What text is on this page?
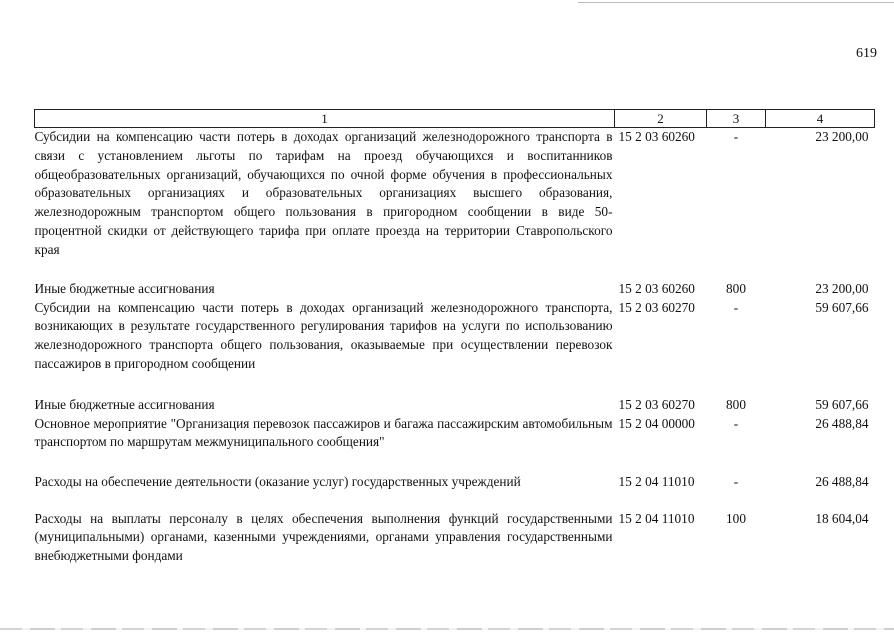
619
1	2	3	4
Субсидии на компенсацию части потерь в доходах организаций железнодорожного транспорта в связи с установлением льготы по тарифам на проезд обучающихся и воспитанников общеобразовательных организаций, обучающихся по очной форме обучения в профессиональных образовательных организациях и образовательных организациях высшего образования, железнодорожным транспортом общего пользования в пригородном сообщении в виде 50-процентной скидки от действующего тарифа при оплате проезда на территории Ставропольского края	15 2 03 60260	-	23 200,00
Иные бюджетные ассигнования	15 2 03 60260	800	23 200,00
Субсидии на компенсацию части потерь в доходах организаций железнодорожного транспорта, возникающих в результате государственного регулирования тарифов на услуги по использованию железнодорожного транспорта общего пользования, оказываемые при осуществлении перевозок пассажиров в пригородном сообщении	15 2 03 60270	-	59 607,66
Иные бюджетные ассигнования	15 2 03 60270	800	59 607,66
Основное мероприятие "Организация перевозок пассажиров и багажа пассажирским автомобильным транспортом по маршрутам межмуниципального сообщения"	15 2 04 00000	-	26 488,84
Расходы на обеспечение деятельности (оказание услуг) государственных учреждений	15 2 04 11010	-	26 488,84
Расходы на выплаты персоналу в целях обеспечения выполнения функций государственными (муниципальными) органами, казенными учреждениями, органами управления государственными внебюджетными фондами	15 2 04 11010	100	18 604,04
